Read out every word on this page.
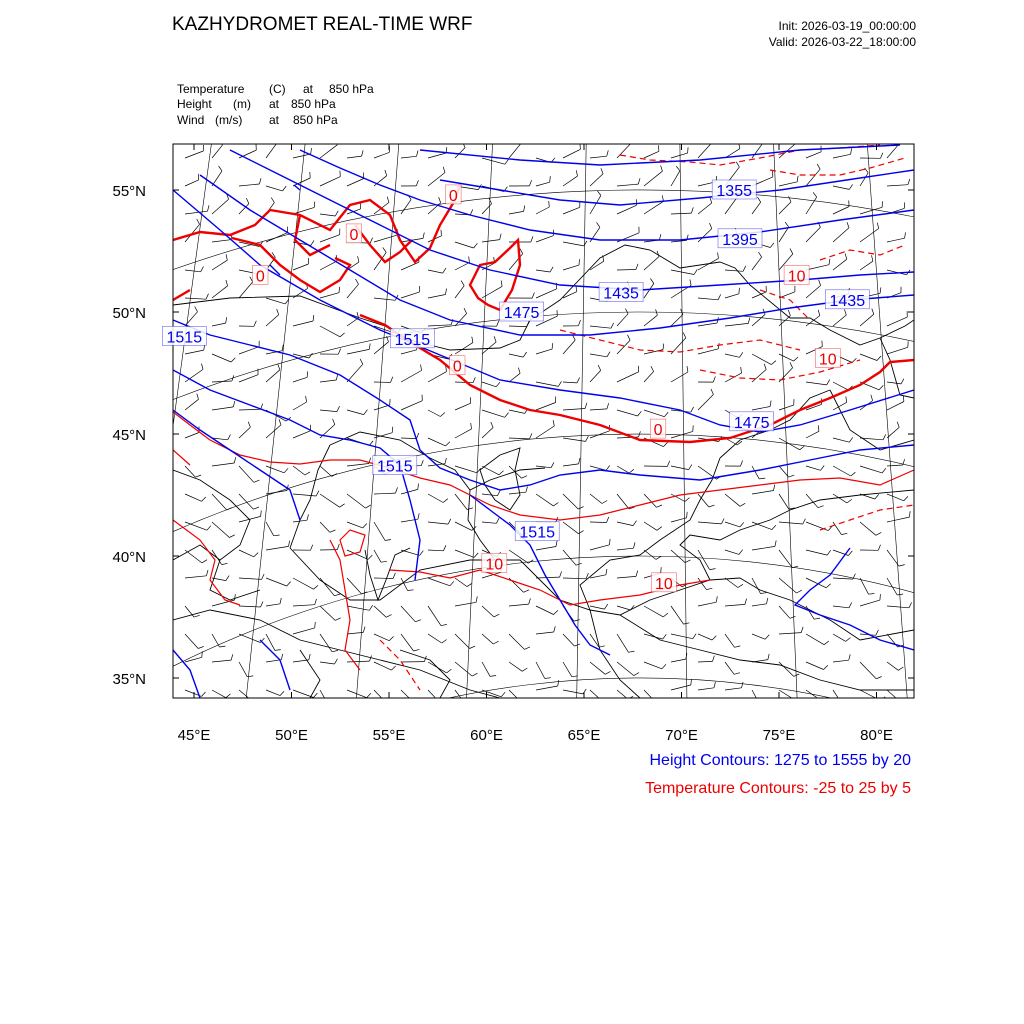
KAZHYDROMET REAL-TIME WRF	Init: 2026-03-19_00:00:00
Valid: 2026-03-22_18:00:00
Temperature (C) at 850 hPa
Height (m) at 850 hPa
Wind (m/s) at 850 hPa
1355
1395
1435	1435
1475
1515	1515
1515
1515
1475
0
0
0	10
0	10
0
10
10
45°E	50°E	55°E	60°E	65°E	70°E	75°E	80°E
55°N
50°N
45°N
40°N
35°N
Height Contours: 1275 to 1555 by 20
Temperature Contours: -25 to 25 by 5
